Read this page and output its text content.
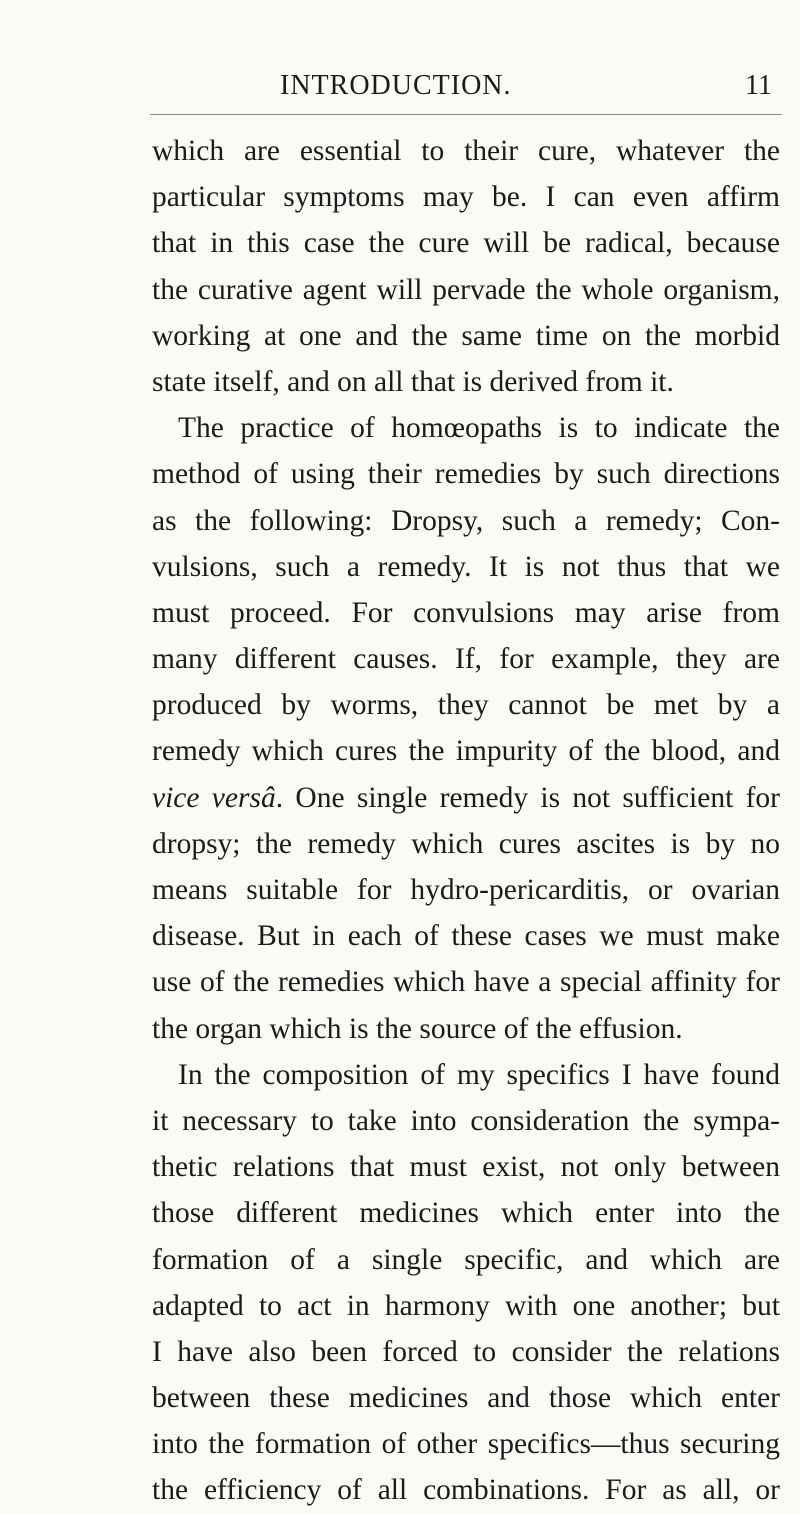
INTRODUCTION.	11
which are essential to their cure, whatever the
particular symptoms may be. I can even affirm
that in this case the cure will be radical, because
the curative agent will pervade the whole organism,
working at one and the same time on the morbid
state itself, and on all that is derived from it.
The practice of homœopaths is to indicate the
method of using their remedies by such directions
as the following: Dropsy, such a remedy; Con-
vulsions, such a remedy. It is not thus that we
must proceed. For convulsions may arise from
many different causes. If, for example, they are
produced by worms, they cannot be met by a
remedy which cures the impurity of the blood, and
vice versâ. One single remedy is not sufficient for
dropsy; the remedy which cures ascites is by no
means suitable for hydro-pericarditis, or ovarian
disease. But in each of these cases we must make
use of the remedies which have a special affinity for
the organ which is the source of the effusion.
In the composition of my specifics I have found
it necessary to take into consideration the sympa-
thetic relations that must exist, not only between
those different medicines which enter into the
formation of a single specific, and which are
adapted to act in harmony with one another; but
I have also been forced to consider the relations
between these medicines and those which enter
into the formation of other specifics—thus securing
the efficiency of all combinations. For as all, or
